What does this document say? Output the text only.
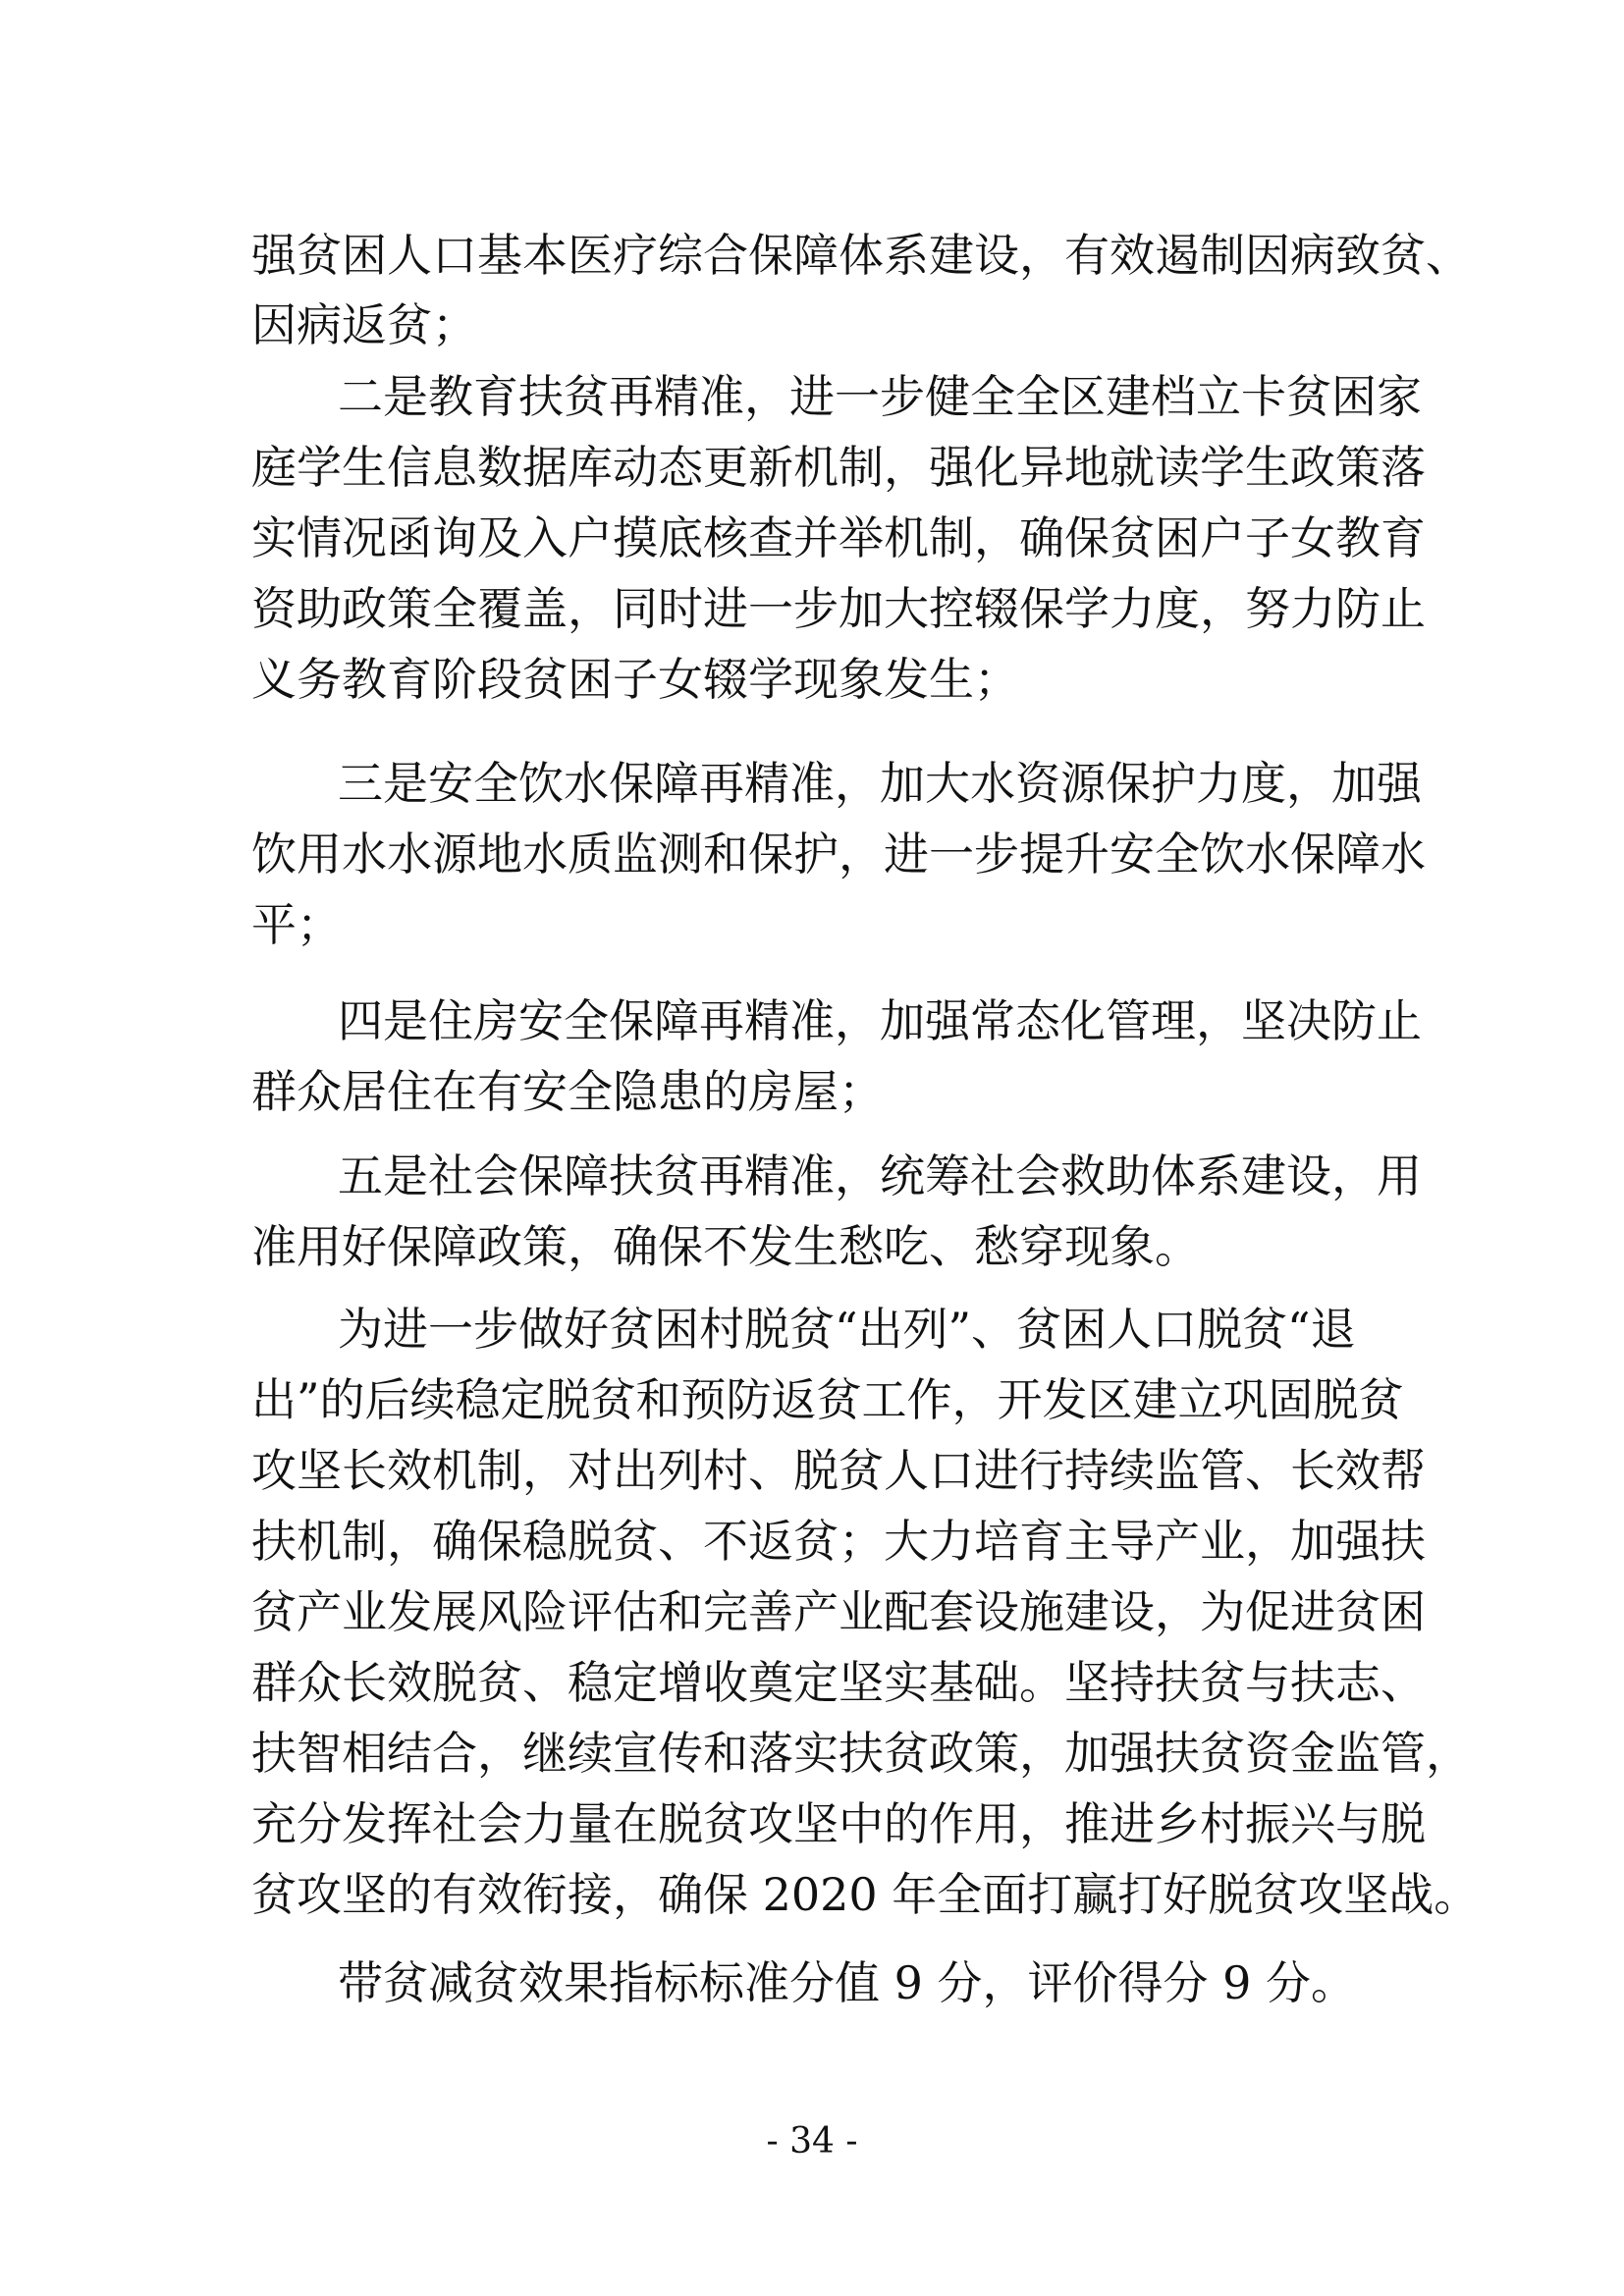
强贫困人口基本医疗综合保障体系建设，有效遏制因病致贫、
因病返贫；
二是教育扶贫再精准，进一步健全全区建档立卡贫困家
庭学生信息数据库动态更新机制，强化异地就读学生政策落
实情况函询及入户摸底核查并举机制，确保贫困户子女教育
资助政策全覆盖，同时进一步加大控辍保学力度，努力防止
义务教育阶段贫困子女辍学现象发生；
三是安全饮水保障再精准，加大水资源保护力度，加强
饮用水水源地水质监测和保护，进一步提升安全饮水保障水
平；
四是住房安全保障再精准，加强常态化管理，坚决防止
群众居住在有安全隐患的房屋；
五是社会保障扶贫再精准，统筹社会救助体系建设，用
准用好保障政策，确保不发生愁吃、愁穿现象。
为进一步做好贫困村脱贫“出列”、贫困人口脱贫“退
出”的后续稳定脱贫和预防返贫工作，开发区建立巩固脱贫
攻坚长效机制，对出列村、脱贫人口进行持续监管、长效帮
扶机制，确保稳脱贫、不返贫；大力培育主导产业，加强扶
贫产业发展风险评估和完善产业配套设施建设，为促进贫困
群众长效脱贫、稳定增收奠定坚实基础。坚持扶贫与扶志、
扶智相结合，继续宣传和落实扶贫政策，加强扶贫资金监管，
充分发挥社会力量在脱贫攻坚中的作用，推进乡村振兴与脱
贫攻坚的有效衔接，确保 2020 年全面打赢打好脱贫攻坚战。
带贫减贫效果指标标准分值 9 分，评价得分 9 分。
- 34 -
